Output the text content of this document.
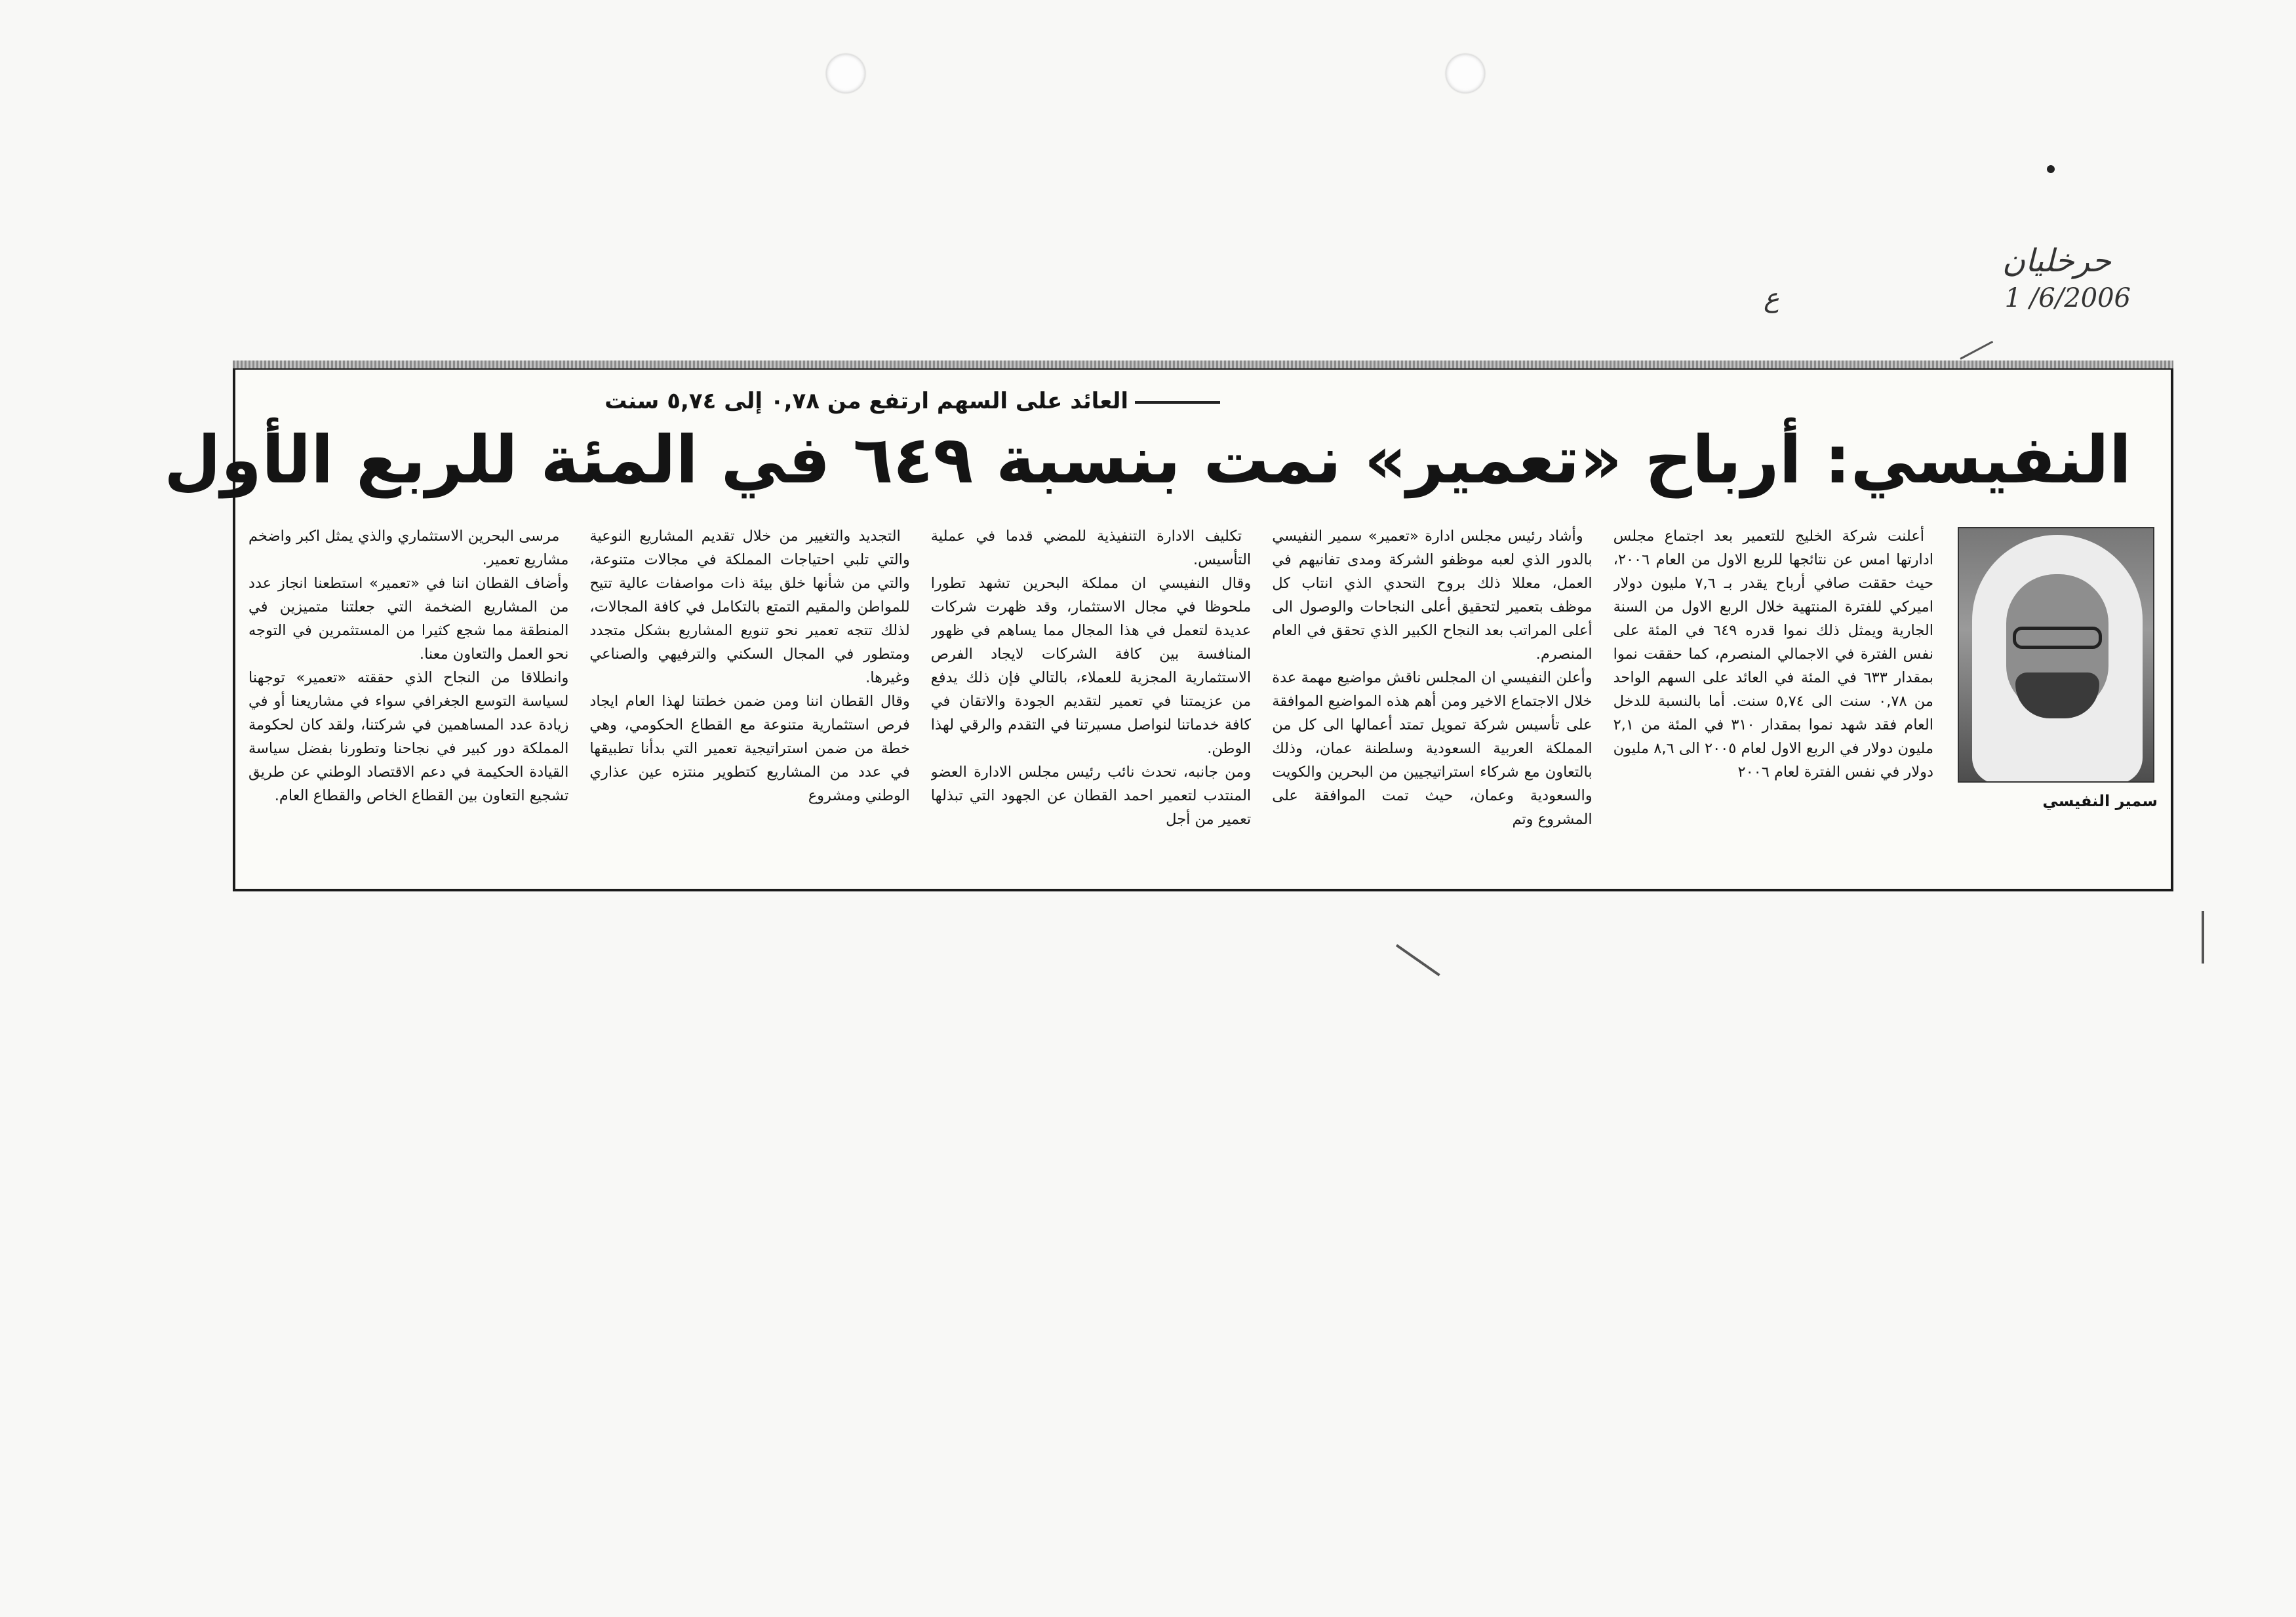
حرخليان
ع	1 /6/2006
العائد على السهم ارتفع من ٠,٧٨ إلى ٥,٧٤ سنت
النفيسي: أرباح «تعمير» نمت بنسبة ٦٤٩ في المئة للربع الأول
سمير النفيسي

أعلنت شركة الخليج للتعمير بعد اجتماع مجلس ادارتها امس عن نتائجها للربع الاول من العام ٢٠٠٦، حيث حققت صافي أرباح يقدر بـ ٧,٦ مليون دولار اميركي للفترة المنتهية خلال الربع الاول من السنة الجارية ويمثل ذلك نموا قدره ٦٤٩ في المئة على نفس الفترة في الاجمالي المنصرم، كما حققت نموا بمقدار ٦٣٣ في المئة في العائد على السهم الواحد من ٠,٧٨ سنت الى ٥,٧٤ سنت. أما بالنسبة للدخل العام فقد شهد نموا بمقدار ٣١٠ في المئة من ٢,١ مليون دولار في الربع الاول لعام ٢٠٠٥ الى ٨,٦ مليون دولار في نفس الفترة لعام ٢٠٠٦

وأشاد رئيس مجلس ادارة «تعمير» سمير النفيسي بالدور الذي لعبه موظفو الشركة ومدى تفانيهم في العمل، معللا ذلك بروح التحدي الذي انتاب كل موظف بتعمير لتحقيق أعلى النجاحات والوصول الى أعلى المراتب بعد النجاح الكبير الذي تحقق في العام المنصرم.
وأعلن النفيسي ان المجلس ناقش مواضيع مهمة عدة خلال الاجتماع الاخير ومن أهم هذه المواضيع الموافقة على تأسيس شركة تمويل تمتد أعمالها الى كل من المملكة العربية السعودية وسلطنة عمان، وذلك بالتعاون مع شركاء استراتيجيين من البحرين والكويت والسعودية وعمان، حيث تمت الموافقة على المشروع وتم

تكليف الادارة التنفيذية للمضي قدما في عملية التأسيس.
وقال النفيسي ان مملكة البحرين تشهد تطورا ملحوظا في مجال الاستثمار، وقد ظهرت شركات عديدة لتعمل في هذا المجال مما يساهم في ظهور المنافسة بين كافة الشركات لايجاد الفرص الاستثمارية المجزية للعملاء، بالتالي فإن ذلك يدفع من عزيمتنا في تعمير لتقديم الجودة والاتقان في كافة خدماتنا لنواصل مسيرتنا في التقدم والرقي لهذا الوطن.
ومن جانبه، تحدث نائب رئيس مجلس الادارة العضو المنتدب لتعمير احمد القطان عن الجهود التي تبذلها تعمير من أجل

التجديد والتغيير من خلال تقديم المشاريع النوعية والتي تلبي احتياجات المملكة في مجالات متنوعة، والتي من شأنها خلق بيئة ذات مواصفات عالية تتيح للمواطن والمقيم التمتع بالتكامل في كافة المجالات، لذلك تتجه تعمير نحو تنويع المشاريع بشكل متجدد ومتطور في المجال السكني والترفيهي والصناعي وغيرها.
وقال القطان اننا ومن ضمن خطتنا لهذا العام ايجاد فرص استثمارية متنوعة مع القطاع الحكومي، وهي خطة من ضمن استراتيجية تعمير التي بدأنا تطبيقها في عدد من المشاريع كتطوير منتزه عين عذاري الوطني ومشروع

مرسى البحرين الاستثماري والذي يمثل اكبر واضخم مشاريع تعمير.
وأضاف القطان اننا في «تعمير» استطعنا انجاز عدد من المشاريع الضخمة التي جعلتنا متميزين في المنطقة مما شجع كثيرا من المستثمرين في التوجه نحو العمل والتعاون معنا.
وانطلاقا من النجاح الذي حققته «تعمير» توجهنا لسياسة التوسع الجغرافي سواء في مشاريعنا أو في زيادة عدد المساهمين في شركتنا، ولقد كان لحكومة المملكة دور كبير في نجاحنا وتطورنا بفضل سياسة القيادة الحكيمة في دعم الاقتصاد الوطني عن طريق تشجيع التعاون بين القطاع الخاص والقطاع العام.
